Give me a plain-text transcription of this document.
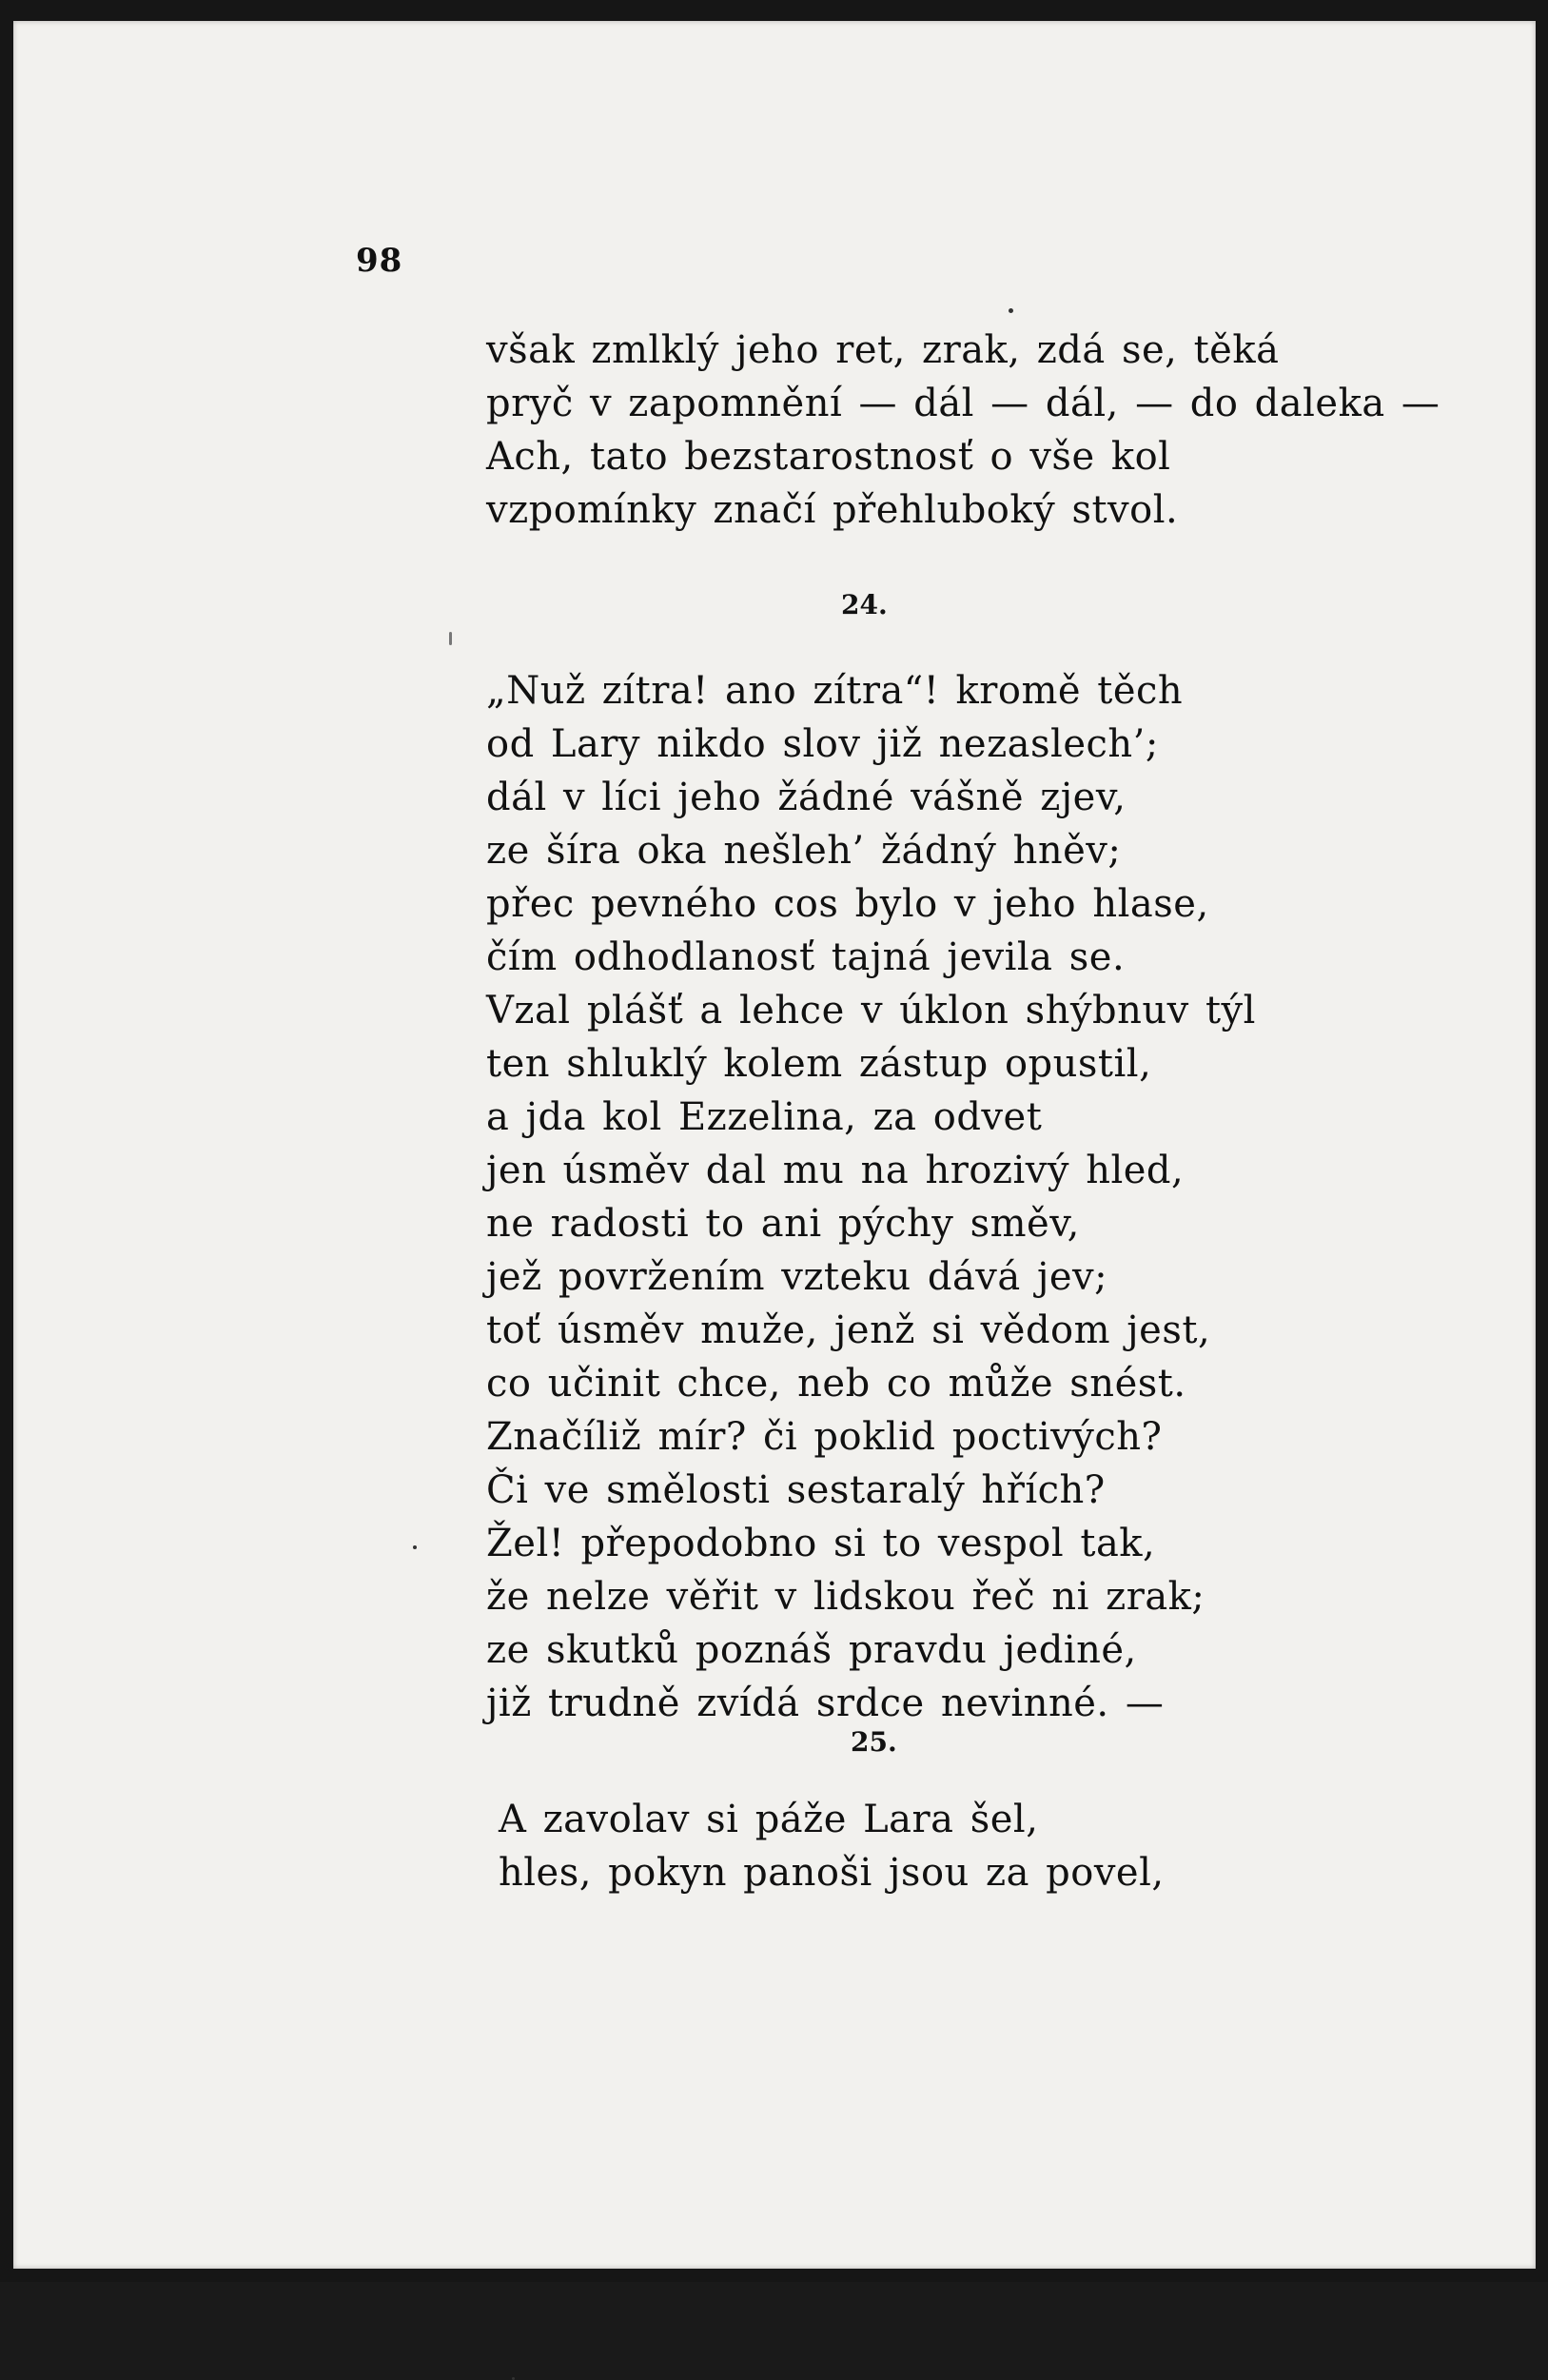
98
však zmlklý jeho ret, zrak, zdá se, těká
pryč v zapomnění — dál — dál, — do daleka —
Ach, tato bezstarostnosť o vše kol
vzpomínky značí přehluboký stvol.
24.
„Nuž zítra! ano zítra“! kromě těch
od Lary nikdo slov již nezaslech’;
dál v líci jeho žádné vášně zjev,
ze šíra oka nešleh’ žádný hněv;
přec pevného cos bylo v jeho hlase,
čím odhodlanosť tajná jevila se.
Vzal plášť a lehce v úklon shýbnuv týl
ten shluklý kolem zástup opustil,
a jda kol Ezzelina, za odvet
jen úsměv dal mu na hrozivý hled,
ne radosti to ani pýchy směv,
jež povržením vzteku dává jev;
toť úsměv muže, jenž si vědom jest,
co učinit chce, neb co může snést.
Značíliž mír? či poklid poctivých?
Či ve smělosti sestaralý hřích?
Žel! přepodobno si to vespol tak,
že nelze věřit v lidskou řeč ni zrak;
ze skutků poznáš pravdu jediné,
již trudně zvídá srdce nevinné. —
25.
A zavolav si páže Lara šel,
hles, pokyn panoši jsou za povel,
